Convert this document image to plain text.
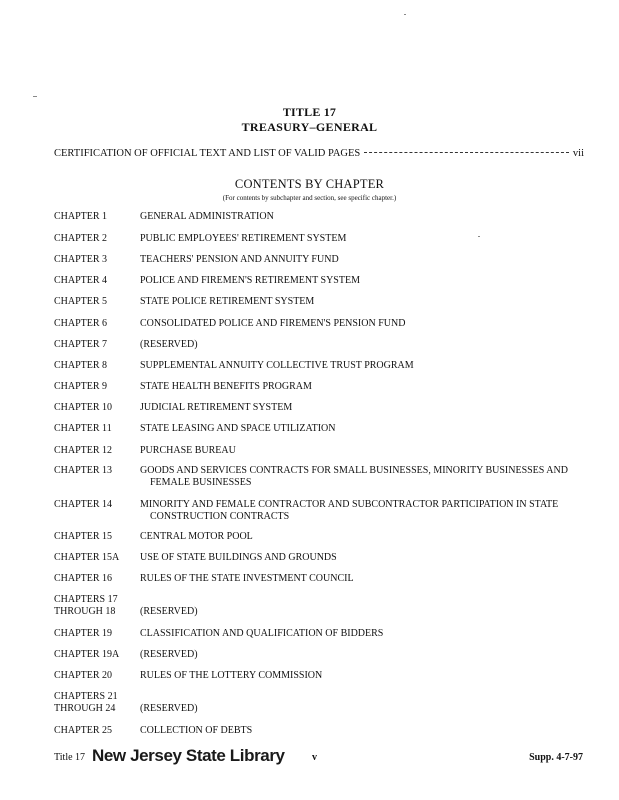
TITLE 17
TREASURY–GENERAL
CERTIFICATION OF OFFICIAL TEXT AND LIST OF VALID PAGES	vii
CONTENTS BY CHAPTER
(For contents by subchapter and section, see specific chapter.)
CHAPTER 1	GENERAL ADMINISTRATION
CHAPTER 2	PUBLIC EMPLOYEES' RETIREMENT SYSTEM
CHAPTER 3	TEACHERS' PENSION AND ANNUITY FUND
CHAPTER 4	POLICE AND FIREMEN'S RETIREMENT SYSTEM
CHAPTER 5	STATE POLICE RETIREMENT SYSTEM
CHAPTER 6	CONSOLIDATED POLICE AND FIREMEN'S PENSION FUND
CHAPTER 7	(RESERVED)
CHAPTER 8	SUPPLEMENTAL ANNUITY COLLECTIVE TRUST PROGRAM
CHAPTER 9	STATE HEALTH BENEFITS PROGRAM
CHAPTER 10	JUDICIAL RETIREMENT SYSTEM
CHAPTER 11	STATE LEASING AND SPACE UTILIZATION
CHAPTER 12	PURCHASE BUREAU
CHAPTER 13	GOODS AND SERVICES CONTRACTS FOR SMALL BUSINESSES, MINORITY BUSINESSES AND
FEMALE BUSINESSES
CHAPTER 14	MINORITY AND FEMALE CONTRACTOR AND SUBCONTRACTOR PARTICIPATION IN STATE
CONSTRUCTION CONTRACTS
CHAPTER 15	CENTRAL MOTOR POOL
CHAPTER 15A	USE OF STATE BUILDINGS AND GROUNDS
CHAPTER 16	RULES OF THE STATE INVESTMENT COUNCIL
CHAPTERS 17
THROUGH 18	(RESERVED)
CHAPTER 19	CLASSIFICATION AND QUALIFICATION OF BIDDERS
CHAPTER 19A	(RESERVED)
CHAPTER 20	RULES OF THE LOTTERY COMMISSION
CHAPTERS 21
THROUGH 24	(RESERVED)
CHAPTER 25	COLLECTION OF DEBTS
Title 17 New Jersey State Library	v	Supp. 4-7-97
